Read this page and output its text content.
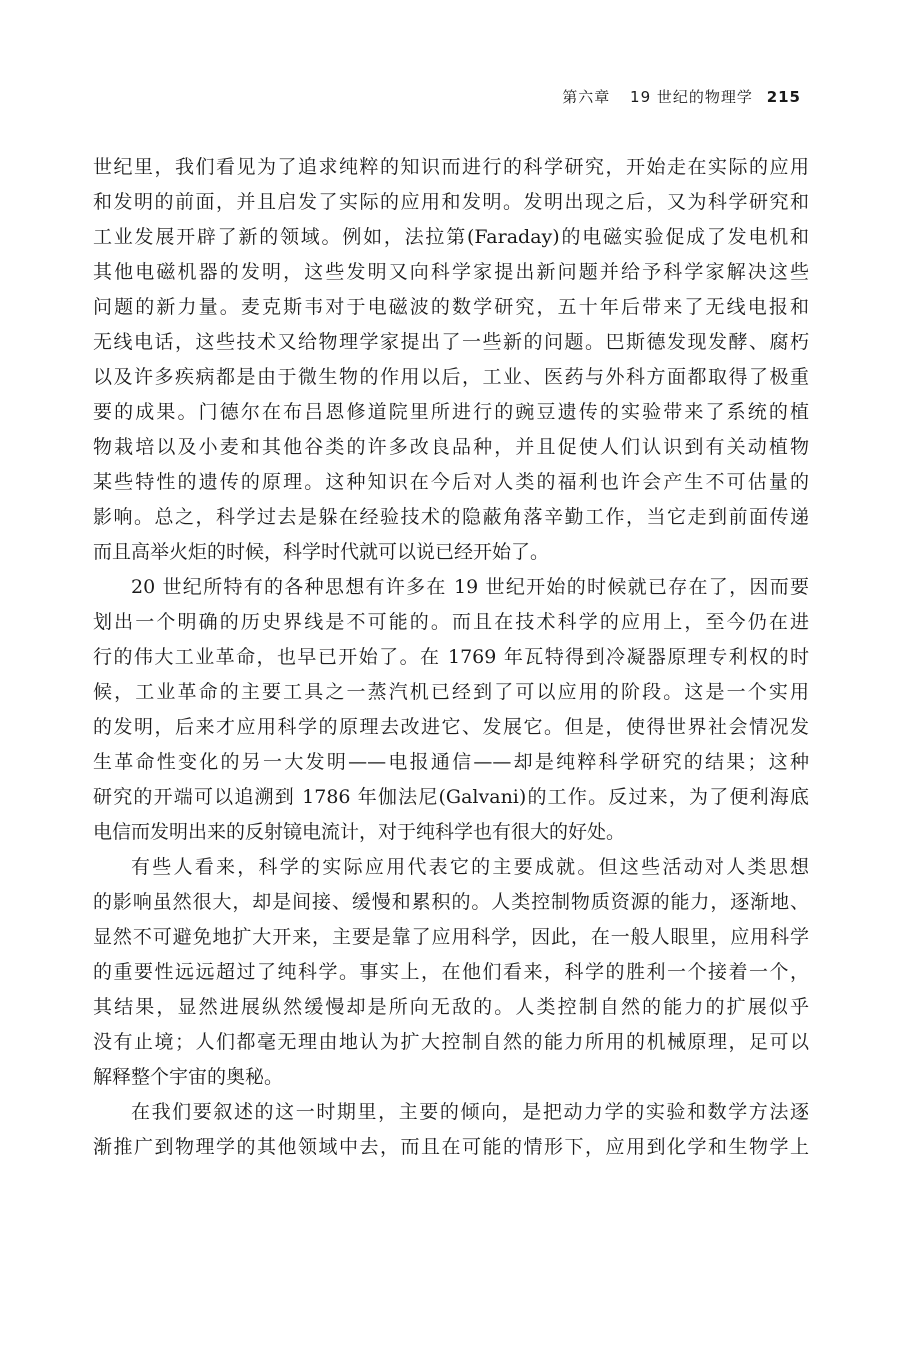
第六章 19 世纪的物理学 215
世纪里，我们看见为了追求纯粹的知识而进行的科学研究，开始走在实际的应用
和发明的前面，并且启发了实际的应用和发明。发明出现之后，又为科学研究和
工业发展开辟了新的领域。例如，法拉第(Faraday)的电磁实验促成了发电机和
其他电磁机器的发明，这些发明又向科学家提出新问题并给予科学家解决这些
问题的新力量。麦克斯韦对于电磁波的数学研究，五十年后带来了无线电报和
无线电话，这些技术又给物理学家提出了一些新的问题。巴斯德发现发酵、腐朽
以及许多疾病都是由于微生物的作用以后，工业、医药与外科方面都取得了极重
要的成果。门德尔在布吕恩修道院里所进行的豌豆遗传的实验带来了系统的植
物栽培以及小麦和其他谷类的许多改良品种，并且促使人们认识到有关动植物
某些特性的遗传的原理。这种知识在今后对人类的福利也许会产生不可估量的
影响。总之，科学过去是躲在经验技术的隐蔽角落辛勤工作，当它走到前面传递
而且高举火炬的时候，科学时代就可以说已经开始了。
20 世纪所特有的各种思想有许多在 19 世纪开始的时候就已存在了，因而要
划出一个明确的历史界线是不可能的。而且在技术科学的应用上，至今仍在进
行的伟大工业革命，也早已开始了。在 1769 年瓦特得到冷凝器原理专利权的时
候，工业革命的主要工具之一蒸汽机已经到了可以应用的阶段。这是一个实用
的发明，后来才应用科学的原理去改进它、发展它。但是，使得世界社会情况发
生革命性变化的另一大发明——电报通信——却是纯粹科学研究的结果；这种
研究的开端可以追溯到 1786 年伽法尼(Galvani)的工作。反过来，为了便利海底
电信而发明出来的反射镜电流计，对于纯科学也有很大的好处。
有些人看来，科学的实际应用代表它的主要成就。但这些活动对人类思想
的影响虽然很大，却是间接、缓慢和累积的。人类控制物质资源的能力，逐渐地、
显然不可避免地扩大开来，主要是靠了应用科学，因此，在一般人眼里，应用科学
的重要性远远超过了纯科学。事实上，在他们看来，科学的胜利一个接着一个，
其结果，显然进展纵然缓慢却是所向无敌的。人类控制自然的能力的扩展似乎
没有止境；人们都毫无理由地认为扩大控制自然的能力所用的机械原理，足可以
解释整个宇宙的奥秘。
在我们要叙述的这一时期里，主要的倾向，是把动力学的实验和数学方法逐
渐推广到物理学的其他领域中去，而且在可能的情形下，应用到化学和生物学上
